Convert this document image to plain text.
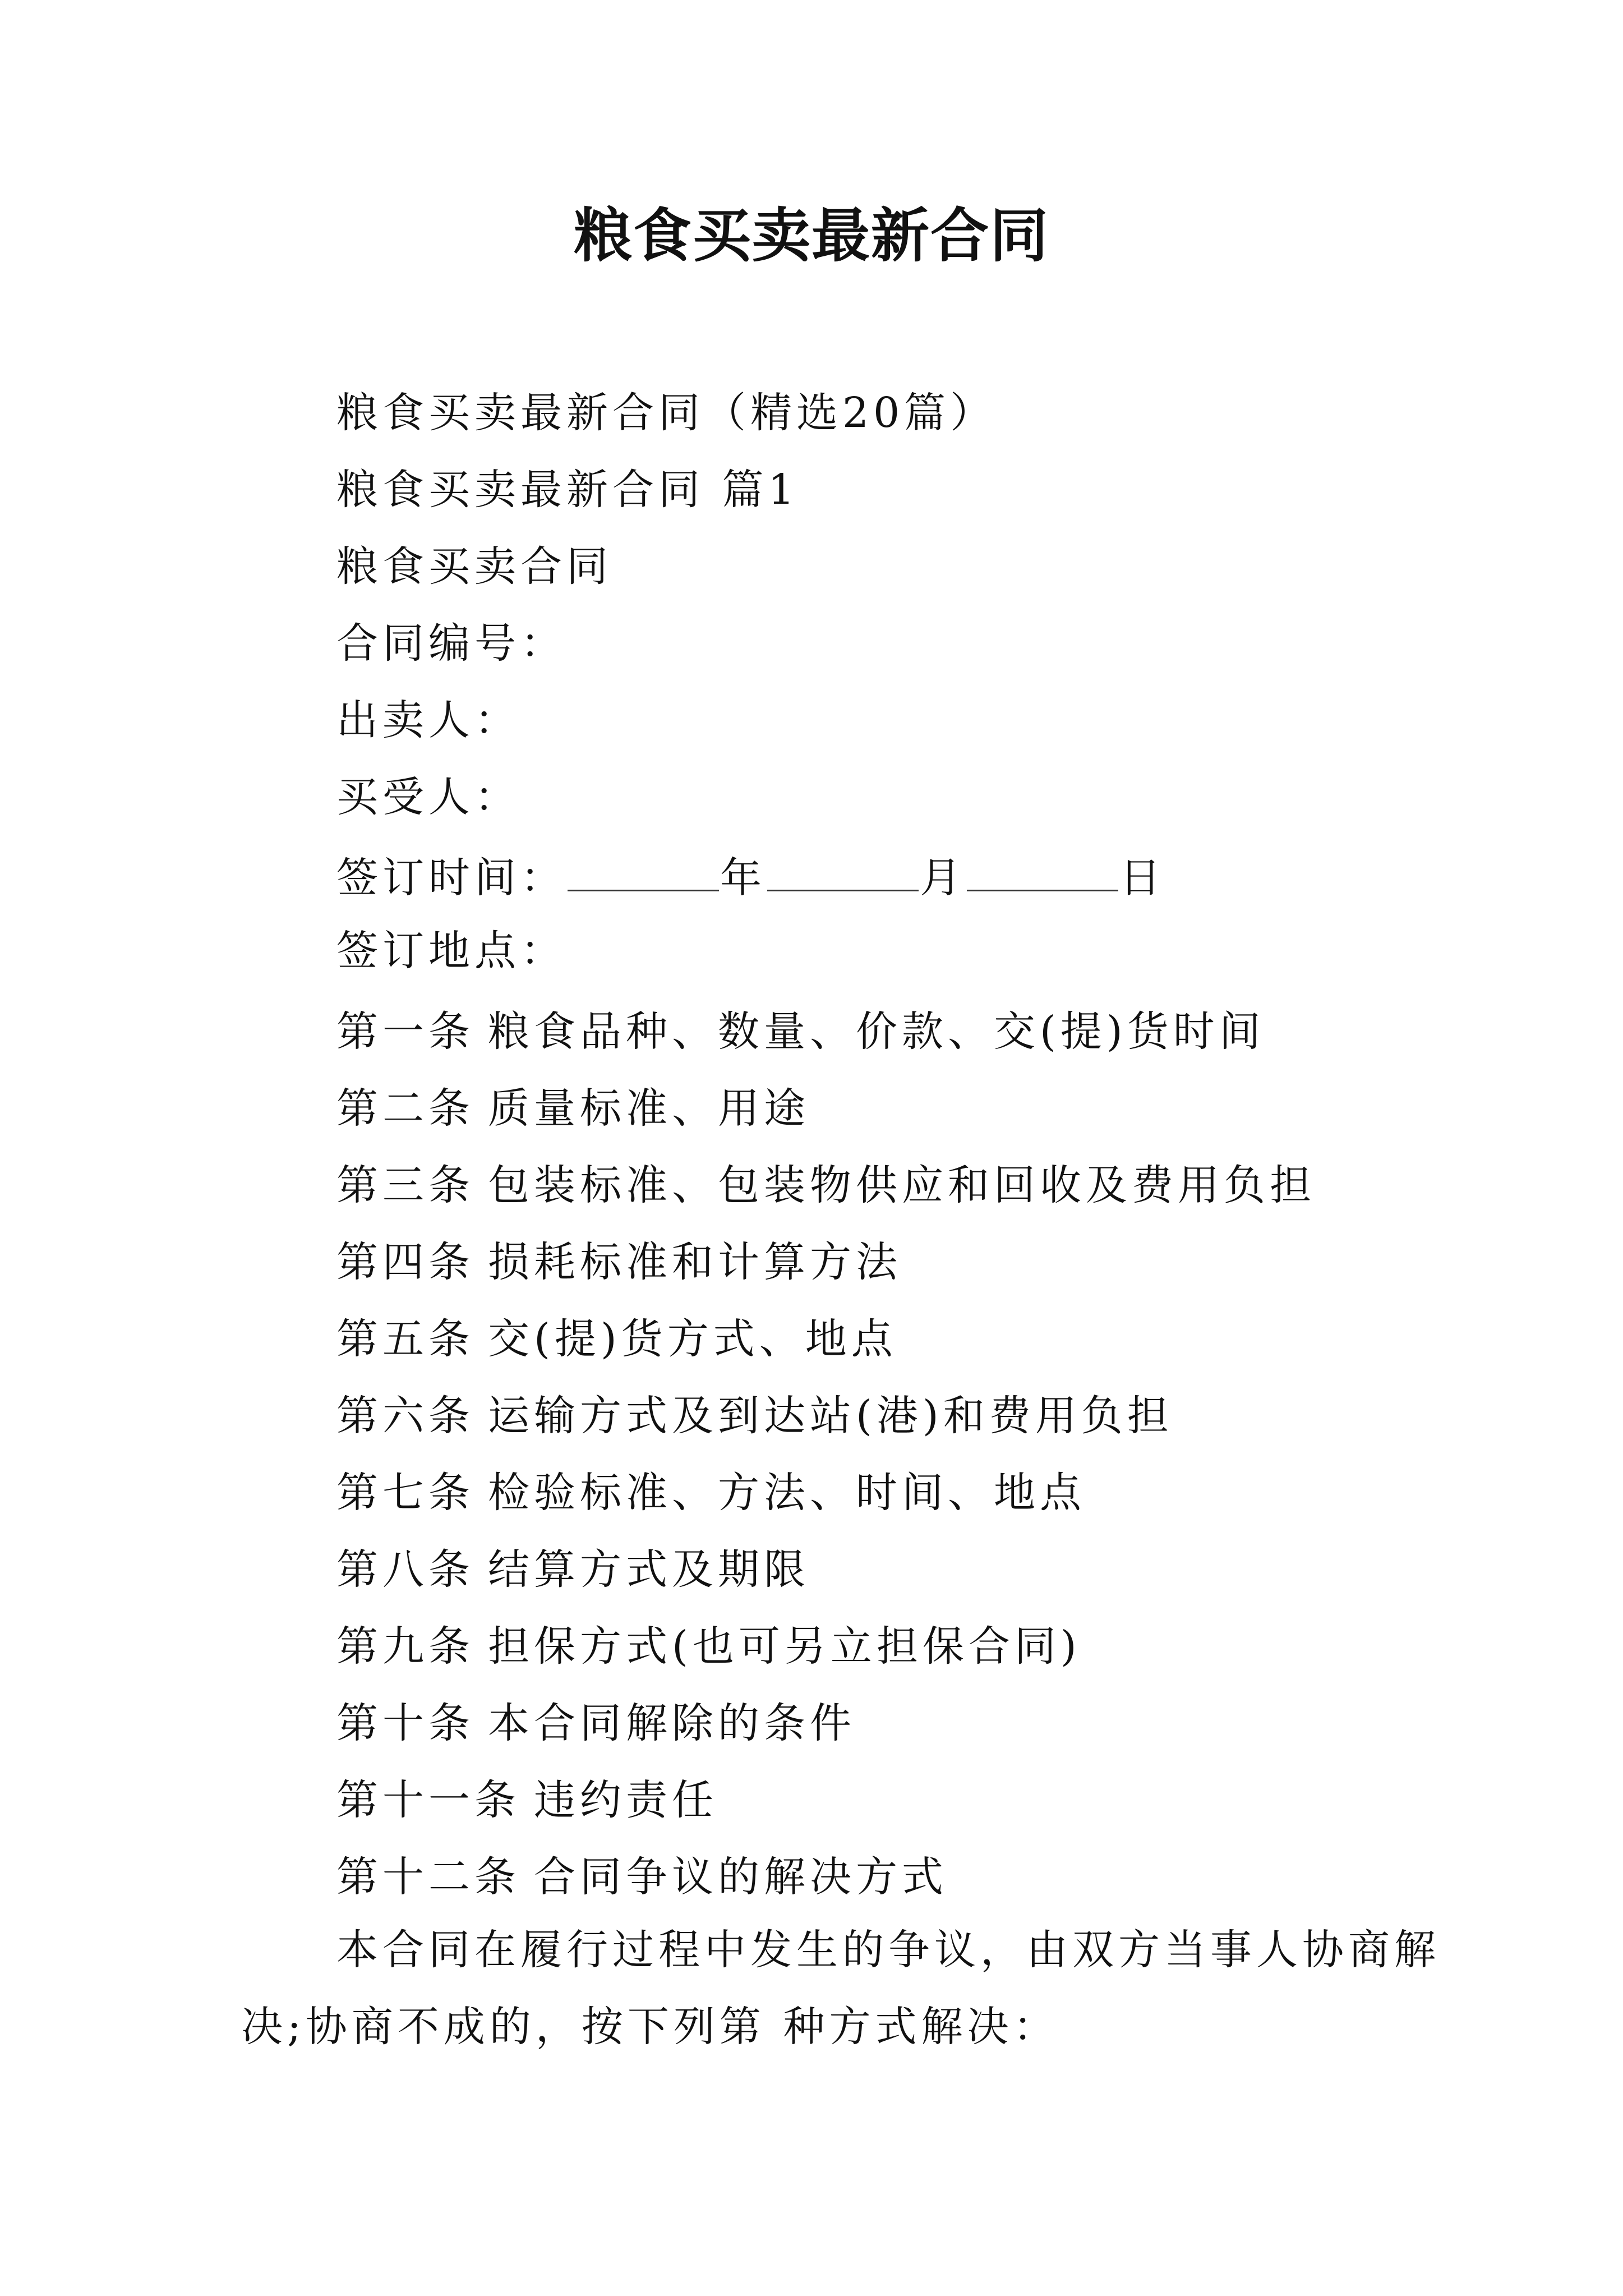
粮食买卖最新合同
粮食买卖最新合同（精选20篇）
粮食买卖最新合同 篇1
粮食买卖合同
合同编号：
出卖人：
买受人：
签订时间：	年	月	日
签订地点：
第一条 粮食品种、数量、价款、交(提)货时间
第二条 质量标准、用途
第三条 包装标准、包装物供应和回收及费用负担
第四条 损耗标准和计算方法
第五条 交(提)货方式、地点
第六条 运输方式及到达站(港)和费用负担
第七条 检验标准、方法、时间、地点
第八条 结算方式及期限
第九条 担保方式(也可另立担保合同)
第十条 本合同解除的条件
第十一条 违约责任
第十二条 合同争议的解决方式
本合同在履行过程中发生的争议，由双方当事人协商解
决;协商不成的，按下列第 种方式解决：
